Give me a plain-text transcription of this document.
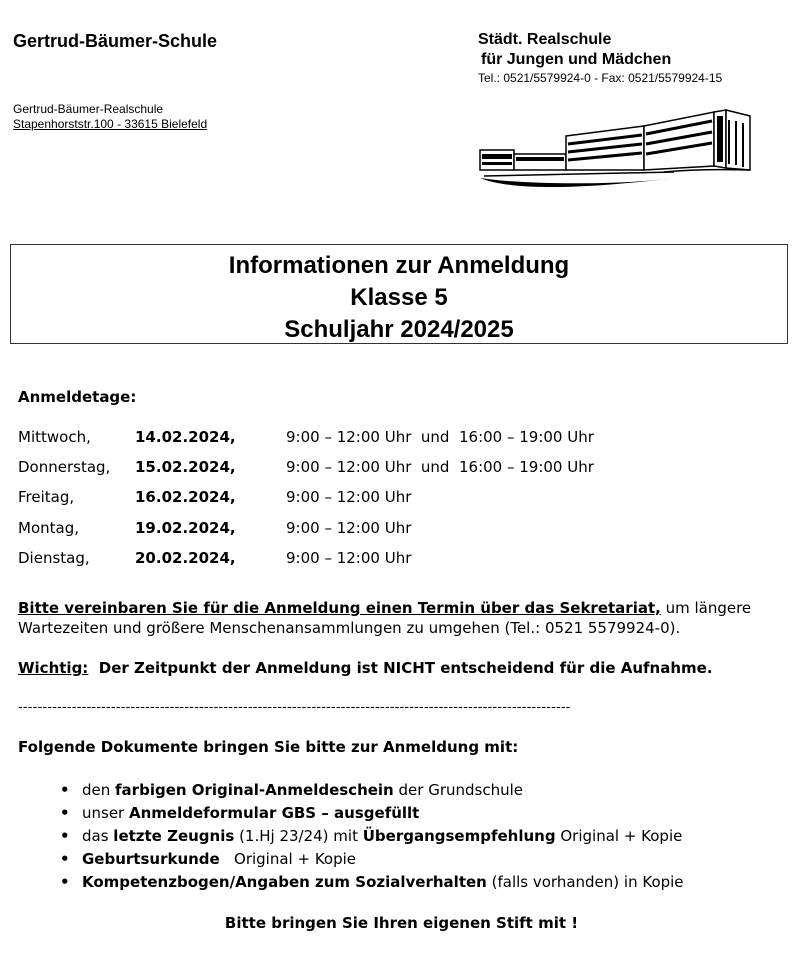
Gertrud-Bäumer-Schule
Gertrud-Bäumer-Realschule
Stapenhorststr.100 - 33615 Bielefeld
Städt. Realschule
für Jungen und Mädchen
Tel.: 0521/5579924-0 - Fax: 0521/5579924-15
Informationen zur Anmeldung
Klasse 5
Schuljahr 2024/2025
Anmeldetage:
Mittwoch,	14.02.2024,	9:00 – 12:00 Uhr  und  16:00 – 19:00 Uhr
Donnerstag, 15.02.2024,	9:00 – 12:00 Uhr  und  16:00 – 19:00 Uhr
Freitag,	16.02.2024,	9:00 – 12:00 Uhr
Montag,	19.02.2024,	9:00 – 12:00 Uhr
Dienstag,	20.02.2024,	9:00 – 12:00 Uhr
Bitte vereinbaren Sie für die Anmeldung einen Termin über das Sekretariat, um längere Wartezeiten und größere Menschenansammlungen zu umgehen (Tel.: 0521 5579924-0).
Wichtig:  Der Zeitpunkt der Anmeldung ist NICHT entscheidend für die Aufnahme.
-----------------------------------------------------------------------------------------------------------------
Folgende Dokumente bringen Sie bitte zur Anmeldung mit:
• den farbigen Original-Anmeldeschein der Grundschule
• unser Anmeldeformular GBS – ausgefüllt
• das letzte Zeugnis (1.Hj 23/24) mit Übergangsempfehlung Original + Kopie
• Geburtsurkunde   Original + Kopie
• Kompetenzbogen/Angaben zum Sozialverhalten (falls vorhanden) in Kopie
Bitte bringen Sie Ihren eigenen Stift mit !
